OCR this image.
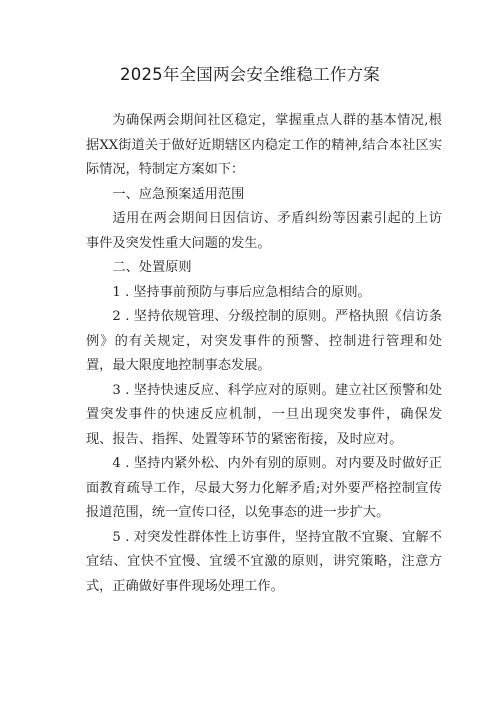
2025年全国两会安全维稳工作方案

为确保两会期间社区稳定，掌握重点人群的基本情况,根据XX街道关于做好近期辖区内稳定工作的精神,结合本社区实际情况，特制定方案如下：

一、应急预案适用范围

适用在两会期间日因信访、矛盾纠纷等因素引起的上访事件及突发性重大问题的发生。

二、处置原则

1 . 坚持事前预防与事后应急相结合的原则。

2 . 坚持依规管理、分级控制的原则。严格执照《信访条例》的有关规定，对突发事件的预警、控制进行管理和处置，最大限度地控制事态发展。

3 . 坚持快速反应、科学应对的原则。建立社区预警和处置突发事件的快速反应机制，一旦出现突发事件，确保发现、报告、指挥、处置等环节的紧密衔接，及时应对。

4 . 坚持内紧外松、内外有别的原则。对内要及时做好正面教育疏导工作，尽最大努力化解矛盾;对外要严格控制宣传报道范围，统一宣传口径，以免事态的进一步扩大。

5 . 对突发性群体性上访事件，坚持宜散不宜聚、宜解不宜结、宜快不宜慢、宜缓不宜激的原则，讲究策略，注意方式，正确做好事件现场处理工作。
